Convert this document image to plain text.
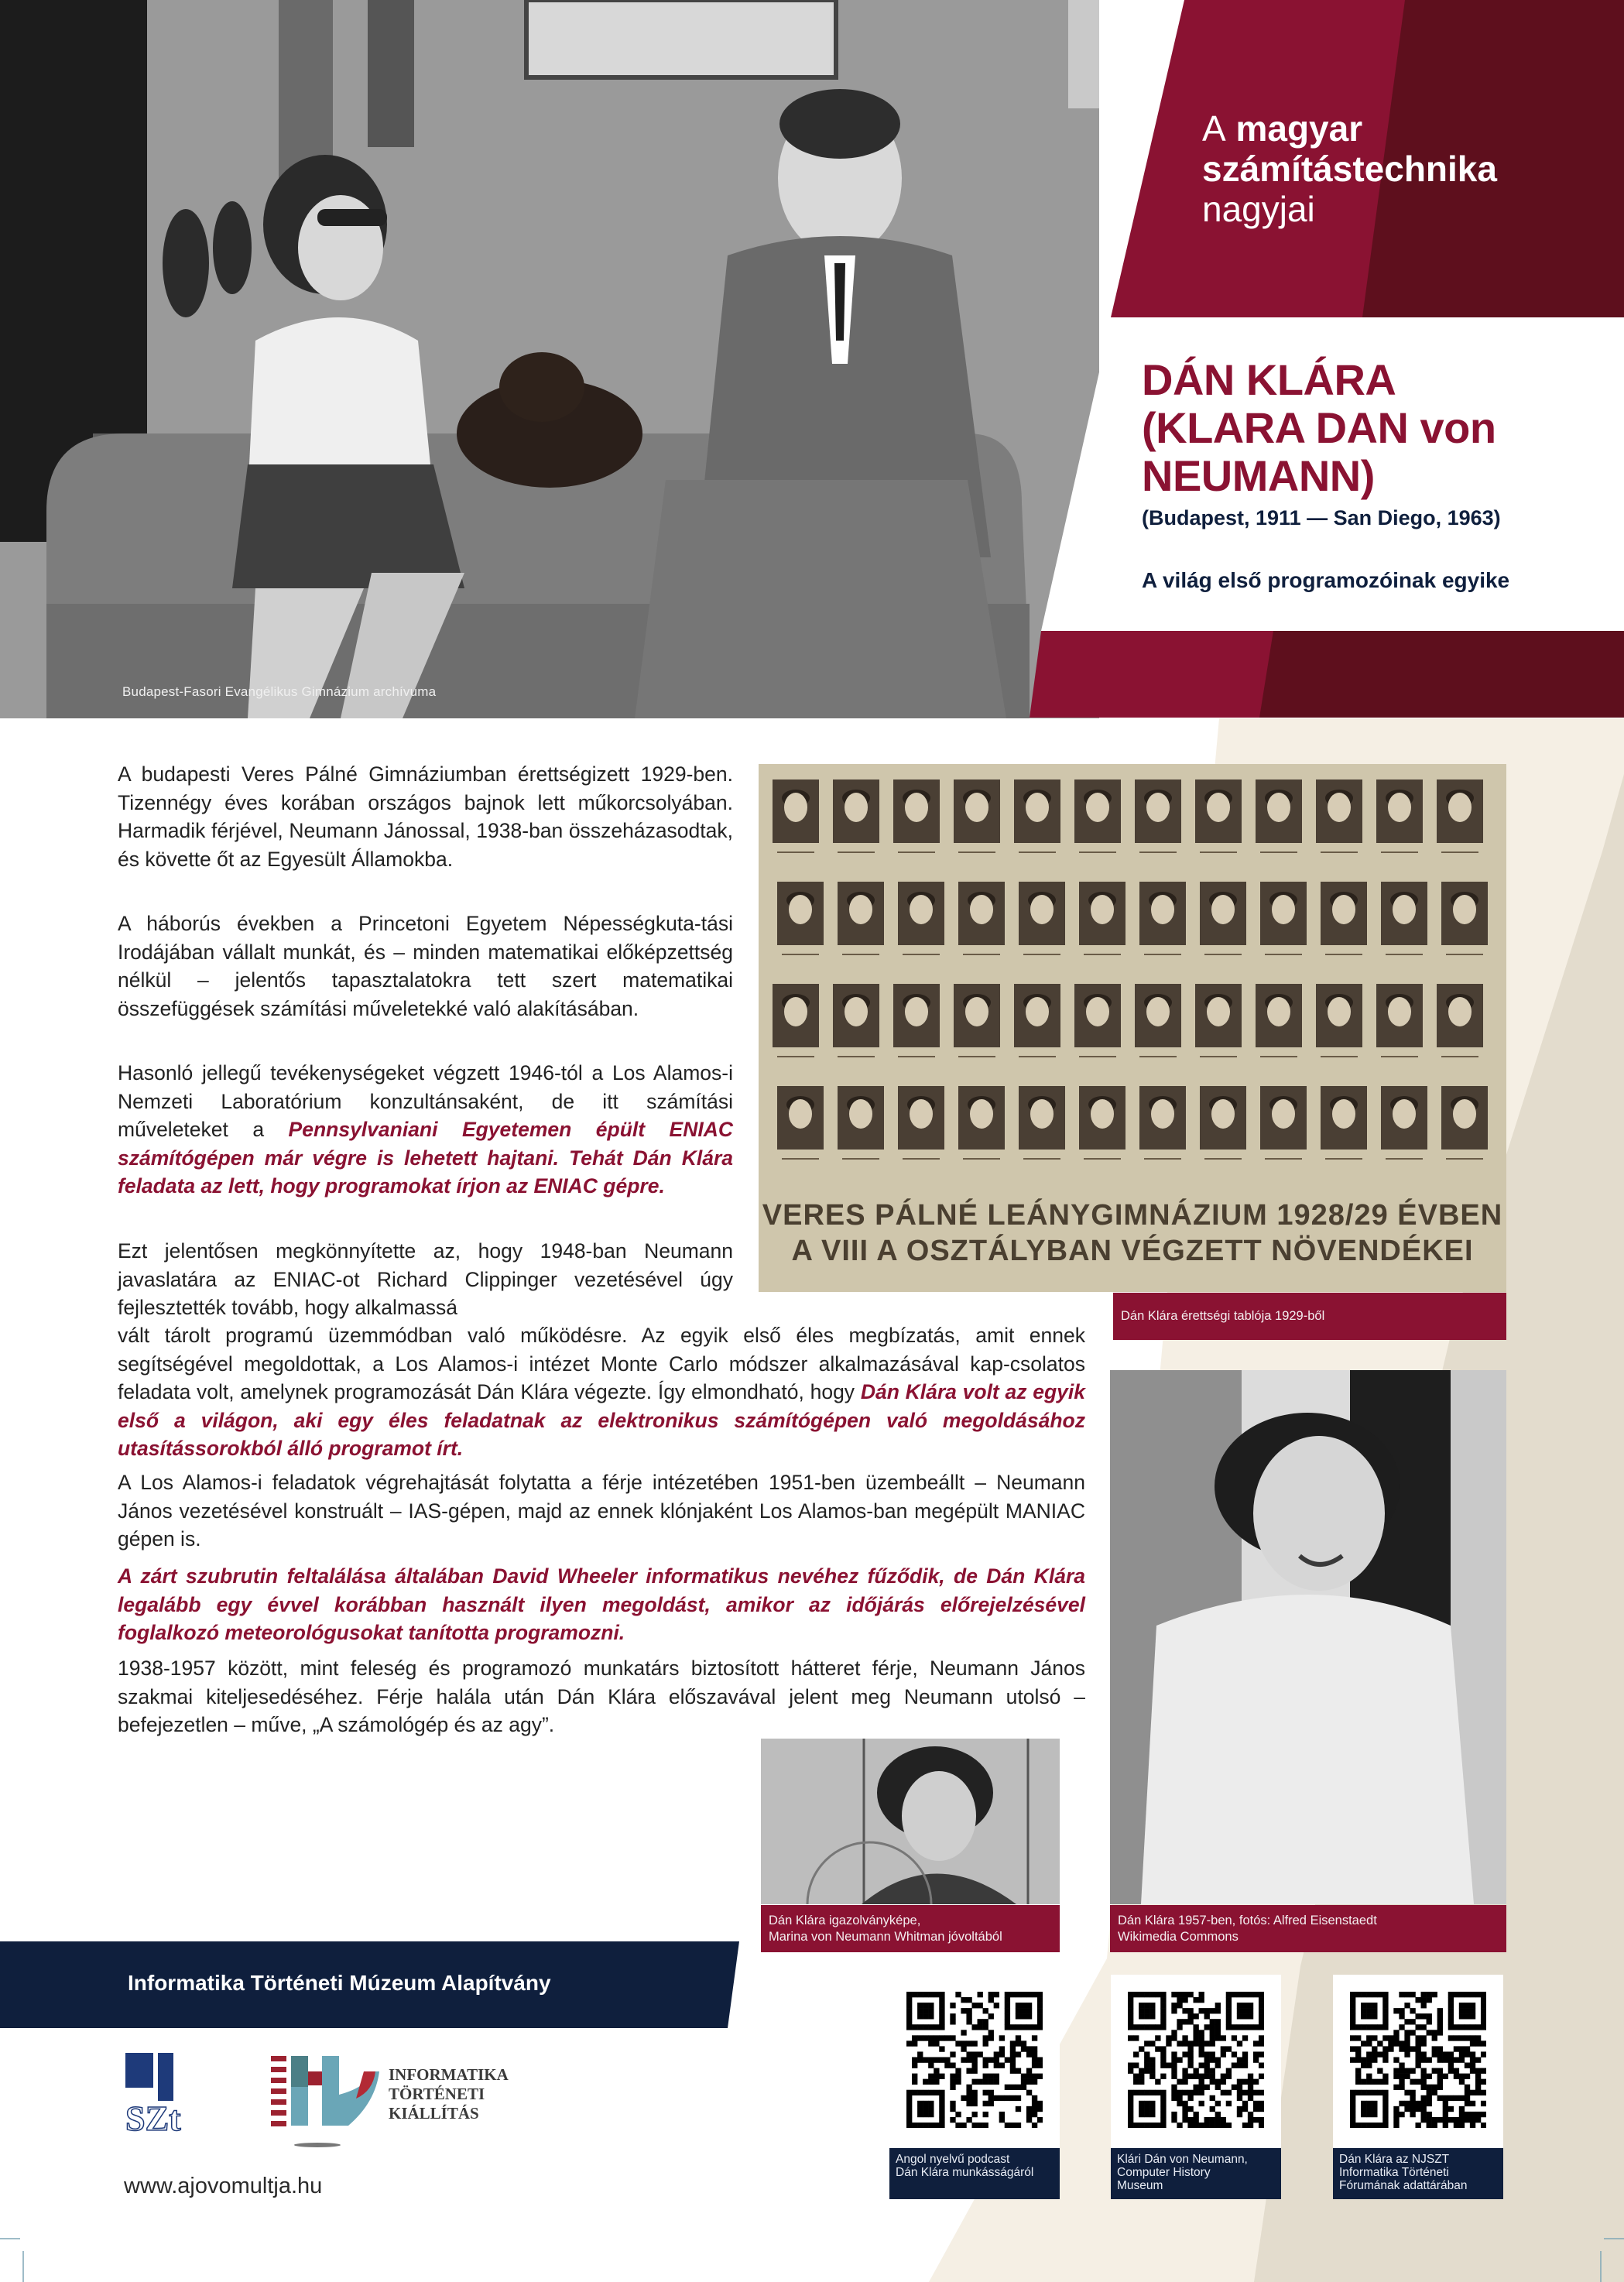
Budapest-Fasori Evangélikus Gimnázium archívuma
A magyar
számítástechnika
nagyjai
DÁN KLÁRA
(KLARA DAN von
NEUMANN)
(Budapest, 1911 — San Diego, 1963)
A világ első programozóinak egyike
A budapesti Veres Pálné Gimnáziumban érettségizett 1929-ben. Tizennégy éves korában országos bajnok lett műkorcsolyában. Harmadik férjével, Neumann Jánossal, 1938-ban összeházasodtak, és követte őt az Egyesült Államokba.
A háborús években a Princetoni Egyetem Népességkuta-tási Irodájában vállalt munkát, és – minden matematikai előképzettség nélkül – jelentős tapasztalatokra tett szert matematikai összefüggések számítási műveletekké való alakításában.
Hasonló jellegű tevékenységeket végzett 1946-tól a Los Alamos-i Nemzeti Laboratórium konzultánsaként, de itt számítási műveleteket a Pennsylvaniani Egyetemen épült ENIAC számítógépen már végre is lehetett hajtani. Tehát Dán Klára feladata az lett, hogy programokat írjon az ENIAC gépre.
Ezt jelentősen megkönnyítette az, hogy 1948-ban Neumann javaslatára az ENIAC-ot Richard Clippinger vezetésével úgy fejlesztették tovább, hogy alkalmassá
vált tárolt programú üzemmódban való működésre. Az egyik első éles megbízatás, amit ennek segítségével megoldottak, a Los Alamos-i intézet Monte Carlo módszer alkalmazásával kap-csolatos feladata volt, amelynek programozását Dán Klára végezte. Így elmondható, hogy Dán Klára volt az egyik első a világon, aki egy éles feladatnak az elektronikus számítógépen való megoldásához utasítássorokból álló programot írt.
A Los Alamos-i feladatok végrehajtását folytatta a férje intézetében 1951-ben üzembeállt – Neumann János vezetésével konstruált – IAS-gépen, majd az ennek klónjaként Los Alamos-ban megépült MANIAC gépen is.
A zárt szubrutin feltalálása általában David Wheeler informatikus nevéhez fűződik, de Dán Klára legalább egy évvel korábban használt ilyen megoldást, amikor az időjárás előrejelzésével foglalkozó meteorológusokat tanította programozni.
1938-1957 között, mint feleség és programozó munkatárs biztosított hátteret férje, Neumann János szakmai kiteljesedéséhez. Férje halála után Dán Klára előszavával jelent meg Neumann utolsó – befejezetlen – műve, „A számológép és az agy”.
VERES PÁLNÉ LEÁNYGIMNÁZIUM 1928/29 ÉVBEN
A VIII A OSZTÁLYBAN VÉGZETT NÖVENDÉKEI
Dán Klára érettségi tablója 1929-ből
Dán Klára 1957-ben, fotós: Alfred Eisenstaedt
Wikimedia Commons
Dán Klára igazolványképe,
Marina von Neumann Whitman jóvoltából
Angol nyelvű podcast
Dán Klára munkásságáról
Klári Dán von Neumann,
Computer History
Museum
Dán Klára az NJSZT
Informatika Történeti
Fórumának adattárában
Informatika Történeti Múzeum Alapítvány
SZt
INFORMATIKA
TÖRTÉNETI
KIÁLLÍTÁS
www.ajovomultja.hu
